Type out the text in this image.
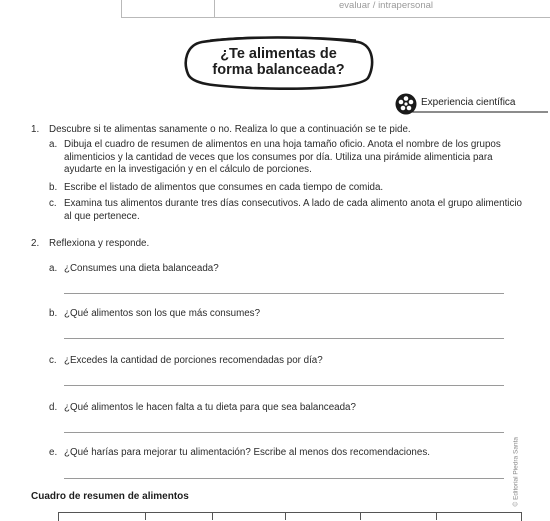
evaluar / intrapersonal
¿Te alimentas de
forma balanceada?
Experiencia científica
1. Descubre si te alimentas sanamente o no. Realiza lo que a continuación se te pide.
a. Dibuja el cuadro de resumen de alimentos en una hoja tamaño oficio. Anota el nombre de los grupos alimenticios y la cantidad de veces que los consumes por día. Utiliza una pirámide alimenticia para ayudarte en la investigación y en el cálculo de porciones.
b. Escribe el listado de alimentos que consumes en cada tiempo de comida.
c. Examina tus alimentos durante tres días consecutivos. A lado de cada alimento anota el grupo alimenticio al que pertenece.
2. Reflexiona y responde.
a. ¿Consumes una dieta balanceada?
b. ¿Qué alimentos son los que más consumes?
c. ¿Excedes la cantidad de porciones recomendadas por día?
d. ¿Qué alimentos le hacen falta a tu dieta para que sea balanceada?
e. ¿Qué harías para mejorar tu alimentación? Escribe al menos dos recomendaciones.
Cuadro de resumen de alimentos	© Editorial Piedra Santa
